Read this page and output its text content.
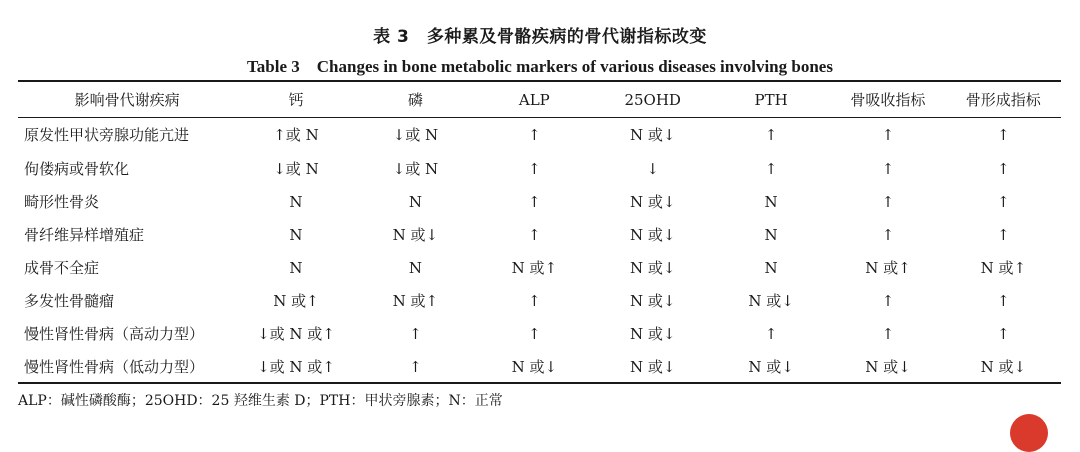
表 3　多种累及骨骼疾病的骨代谢指标改变
Table 3　Changes in bone metabolic markers of various diseases involving bones
影响骨代谢疾病	钙	磷	ALP	25OHD	PTH	骨吸收指标	骨形成指标
原发性甲状旁腺功能亢进	↑或 N	↓或 N	↑	N 或↓	↑	↑	↑
佝偻病或骨软化	↓或 N	↓或 N	↑	↓	↑	↑	↑
畸形性骨炎	N	N	↑	N 或↓	N	↑	↑
骨纤维异样增殖症	N	N 或↓	↑	N 或↓	N	↑	↑
成骨不全症	N	N	N 或↑	N 或↓	N	N 或↑	N 或↑
多发性骨髓瘤	N 或↑	N 或↑	↑	N 或↓	N 或↓	↑	↑
慢性肾性骨病（高动力型）	↓或 N 或↑	↑	↑	N 或↓	↑	↑	↑
慢性肾性骨病（低动力型）	↓或 N 或↑	↑	N 或↓	N 或↓	N 或↓	N 或↓	N 或↓
ALP：碱性磷酸酶；25OHD：25 羟维生素 D；PTH：甲状旁腺素；N：正常
